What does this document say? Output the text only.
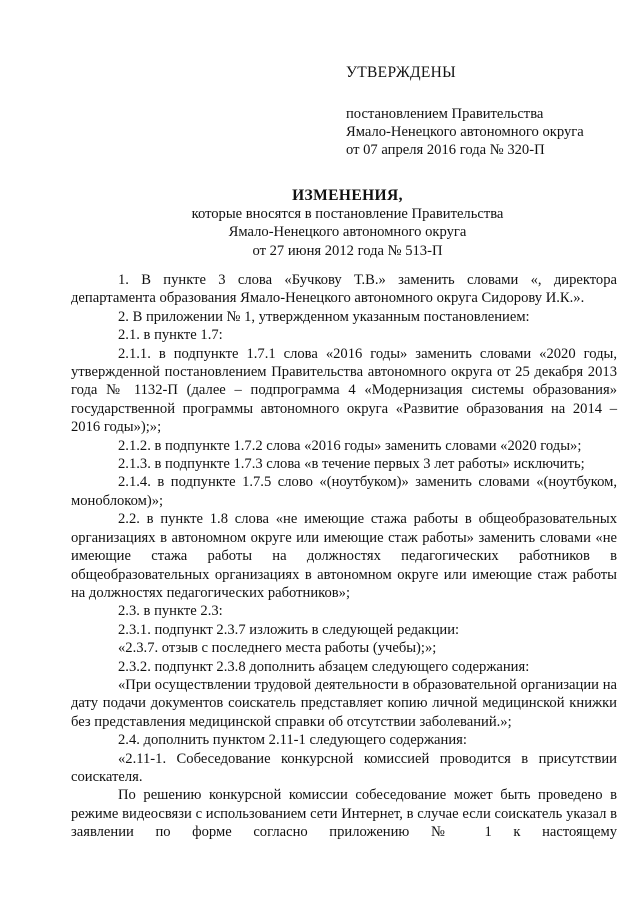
УТВЕРЖДЕНЫ
постановлением Правительства
Ямало-Ненецкого автономного округа
от 07 апреля 2016 года № 320-П
ИЗМЕНЕНИЯ,
которые вносятся в постановление Правительства
Ямало-Ненецкого автономного округа
от 27 июня 2012 года № 513-П

1. В пункте 3 слова «Бучкову Т.В.» заменить словами «, директора департамента образования Ямало-Ненецкого автономного округа Сидорову И.К.».

2. В приложении № 1, утвержденном указанным постановлением:

2.1. в пункте 1.7:

2.1.1. в подпункте 1.7.1 слова «2016 годы» заменить словами «2020 годы, утвержденной постановлением Правительства автономного округа от 25 декабря 2013 года № 1132-П (далее – подпрограмма 4 «Модернизация системы образования» государственной программы автономного округа «Развитие образования на 2014 – 2016 годы»);»;

2.1.2. в подпункте 1.7.2 слова «2016 годы» заменить словами «2020 годы»;

2.1.3. в подпункте 1.7.3 слова «в течение первых 3 лет работы» исключить;

2.1.4. в подпункте 1.7.5 слово «(ноутбуком)» заменить словами «(ноутбуком, моноблоком)»;

2.2. в пункте 1.8 слова «не имеющие стажа работы в общеобразовательных организациях в автономном округе или имеющие стаж работы» заменить словами «не имеющие стажа работы на должностях педагогических работников в общеобразовательных организациях в автономном округе или имеющие стаж работы на должностях педагогических работников»;

2.3. в пункте 2.3:

2.3.1. подпункт 2.3.7 изложить в следующей редакции:

«2.3.7. отзыв с последнего места работы (учебы);»;

2.3.2. подпункт 2.3.8 дополнить абзацем следующего содержания:

«При осуществлении трудовой деятельности в образовательной организации на дату подачи документов соискатель представляет копию личной медицинской книжки без представления медицинской справки об отсутствии заболеваний.»;

2.4. дополнить пунктом 2.11-1 следующего содержания:

«2.11-1. Собеседование конкурсной комиссией проводится в присутствии соискателя.

По решению конкурсной комиссии собеседование может быть проведено в режиме видеосвязи с использованием сети Интернет, в случае если соискатель указал в заявлении по форме согласно приложению № 1 к настоящему
